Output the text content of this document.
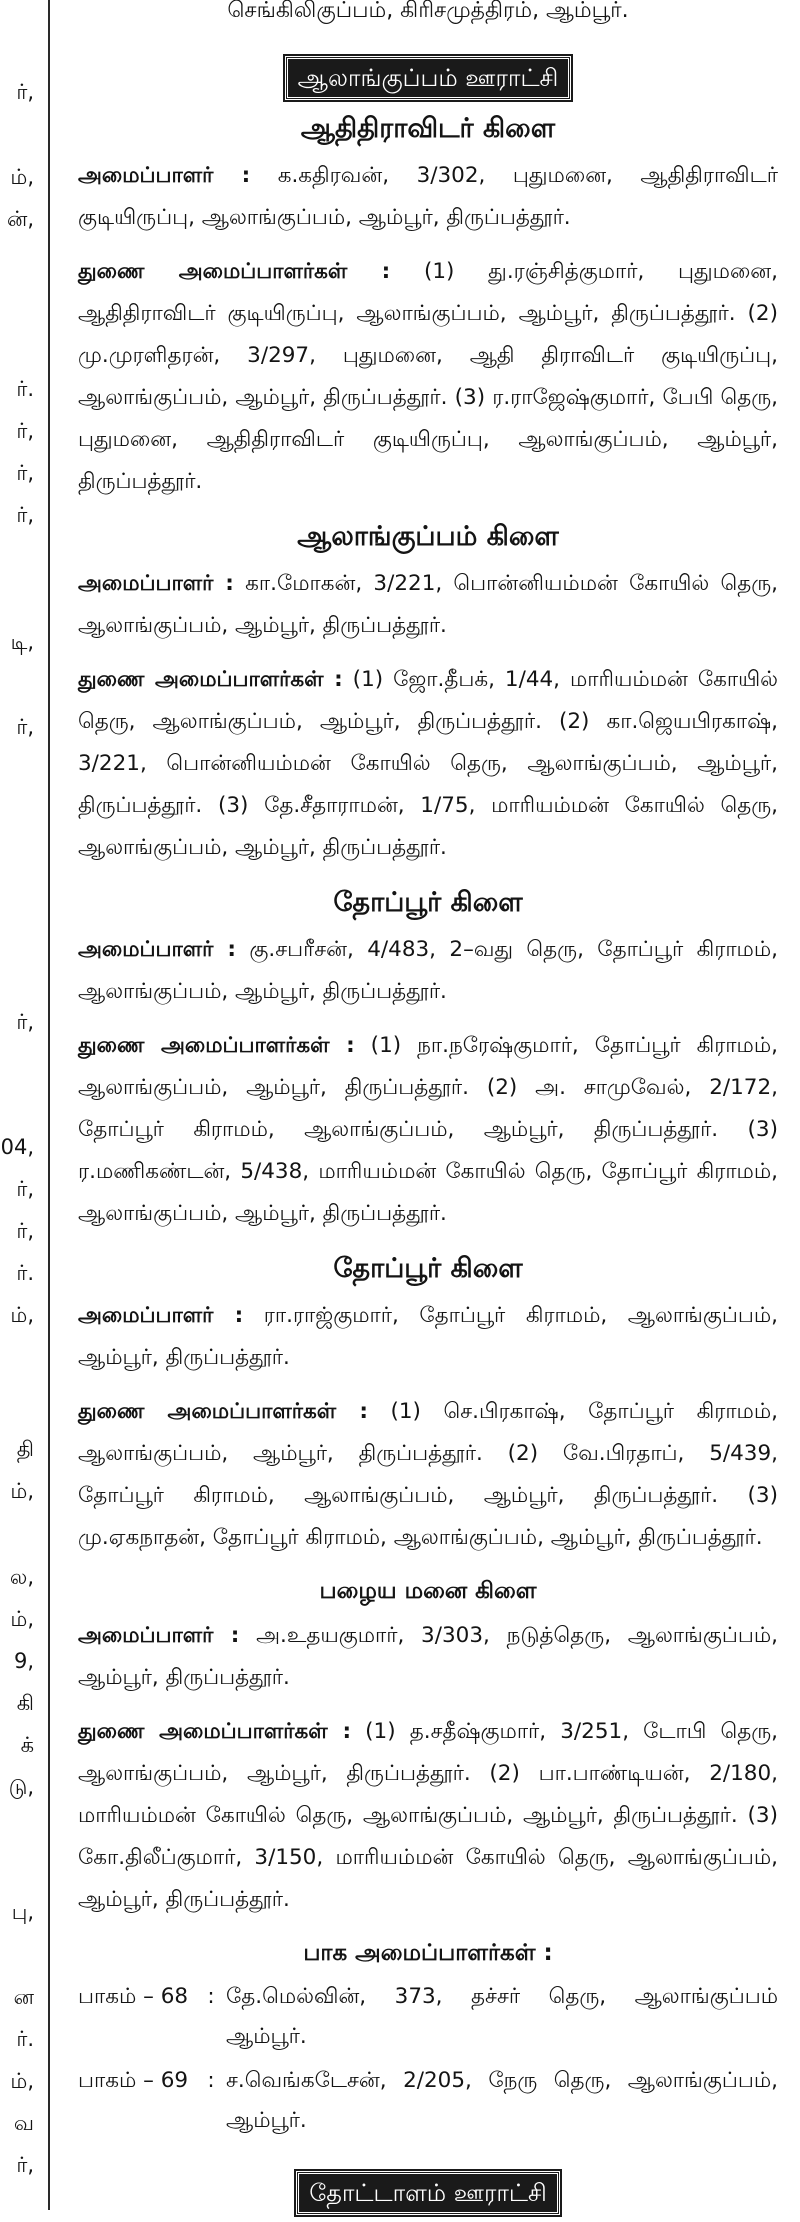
ர்,
ம்,
ன்,
ர்.
ர்,
ர்,
ர்,
டி,
ர்,
ர்,
04,
ர்,
ர்,
ர்.
ம்,
தி
ம்,
ல,
ம்,
9,
கி
க்
டு,
பு,
ன
ர்.
ம்,
வ
ர்,
செங்கிலிகுப்பம், கிரிசமுத்திரம், ஆம்பூர்.
ஆலாங்குப்பம் ஊராட்சி
ஆதிதிராவிடர் கிளை

அமைப்பாளர் : க.கதிரவன், 3/302, புதுமனை, ஆதிதிராவிடர் குடியிருப்பு, ஆலாங்குப்பம், ஆம்பூர், திருப்பத்தூர்.

துணை அமைப்பாளர்கள் : (1) து.ரஞ்சித்குமார், புதுமனை, ஆதிதிராவிடர் குடியிருப்பு, ஆலாங்குப்பம், ஆம்பூர், திருப்பத்தூர். (2) மு.முரளிதரன், 3/297, புதுமனை, ஆதி திராவிடர் குடியிருப்பு, ஆலாங்குப்பம், ஆம்பூர், திருப்பத்தூர். (3) ர.ராஜேஷ்குமார், பேபி தெரு, புதுமனை, ஆதிதிராவிடர் குடியிருப்பு, ஆலாங்குப்பம், ஆம்பூர், திருப்பத்தூர்.

ஆலாங்குப்பம் கிளை

அமைப்பாளர் : கா.மோகன், 3/221, பொன்னியம்மன் கோயில் தெரு, ஆலாங்குப்பம், ஆம்பூர், திருப்பத்தூர்.

துணை அமைப்பாளர்கள் : (1) ஜோ.தீபக், 1/44, மாரியம்மன் கோயில் தெரு, ஆலாங்குப்பம், ஆம்பூர், திருப்பத்தூர். (2) கா.ஜெயபிரகாஷ், 3/221, பொன்னியம்மன் கோயில் தெரு, ஆலாங்குப்பம், ஆம்பூர், திருப்பத்தூர். (3) தே.சீதாராமன், 1/75, மாரியம்மன் கோயில் தெரு, ஆலாங்குப்பம், ஆம்பூர், திருப்பத்தூர்.

தோப்பூர் கிளை

அமைப்பாளர் : கு.சபரீசன், 4/483, 2–வது தெரு, தோப்பூர் கிராமம், ஆலாங்குப்பம், ஆம்பூர், திருப்பத்தூர்.

துணை அமைப்பாளர்கள் : (1) நா.நரேஷ்குமார், தோப்பூர் கிராமம், ஆலாங்குப்பம், ஆம்பூர், திருப்பத்தூர். (2) அ. சாமுவேல், 2/172, தோப்பூர் கிராமம், ஆலாங்குப்பம், ஆம்பூர், திருப்பத்தூர். (3) ர.மணிகண்டன், 5/438, மாரியம்மன் கோயில் தெரு, தோப்பூர் கிராமம், ஆலாங்குப்பம், ஆம்பூர், திருப்பத்தூர்.

தோப்பூர் கிளை

அமைப்பாளர் : ரா.ராஜ்குமார், தோப்பூர் கிராமம், ஆலாங்குப்பம், ஆம்பூர், திருப்பத்தூர்.

துணை அமைப்பாளர்கள் : (1) செ.பிரகாஷ், தோப்பூர் கிராமம், ஆலாங்குப்பம், ஆம்பூர், திருப்பத்தூர். (2) வே.பிரதாப், 5/439, தோப்பூர் கிராமம், ஆலாங்குப்பம், ஆம்பூர், திருப்பத்தூர். (3) மு.ஏகநாதன், தோப்பூர் கிராமம், ஆலாங்குப்பம், ஆம்பூர், திருப்பத்தூர்.

பழைய மனை கிளை

அமைப்பாளர் : அ.உதயகுமார், 3/303, நடுத்தெரு, ஆலாங்குப்பம், ஆம்பூர், திருப்பத்தூர்.

துணை அமைப்பாளர்கள் : (1) த.சதீஷ்குமார், 3/251, டோபி தெரு, ஆலாங்குப்பம், ஆம்பூர், திருப்பத்தூர். (2) பா.பாண்டியன், 2/180, மாரியம்மன் கோயில் தெரு, ஆலாங்குப்பம், ஆம்பூர், திருப்பத்தூர். (3) கோ.திலீப்குமார், 3/150, மாரியம்மன் கோயில் தெரு, ஆலாங்குப்பம், ஆம்பூர், திருப்பத்தூர்.

பாக அமைப்பாளர்கள் :
பாகம் – 68 : தே.மெல்வின், 373, தச்சர் தெரு, ஆலாங்குப்பம் ஆம்பூர்.
பாகம் – 69 : ச.வெங்கடேசன், 2/205, நேரு தெரு, ஆலாங்குப்பம், ஆம்பூர்.
தோட்டாளம் ஊராட்சி
